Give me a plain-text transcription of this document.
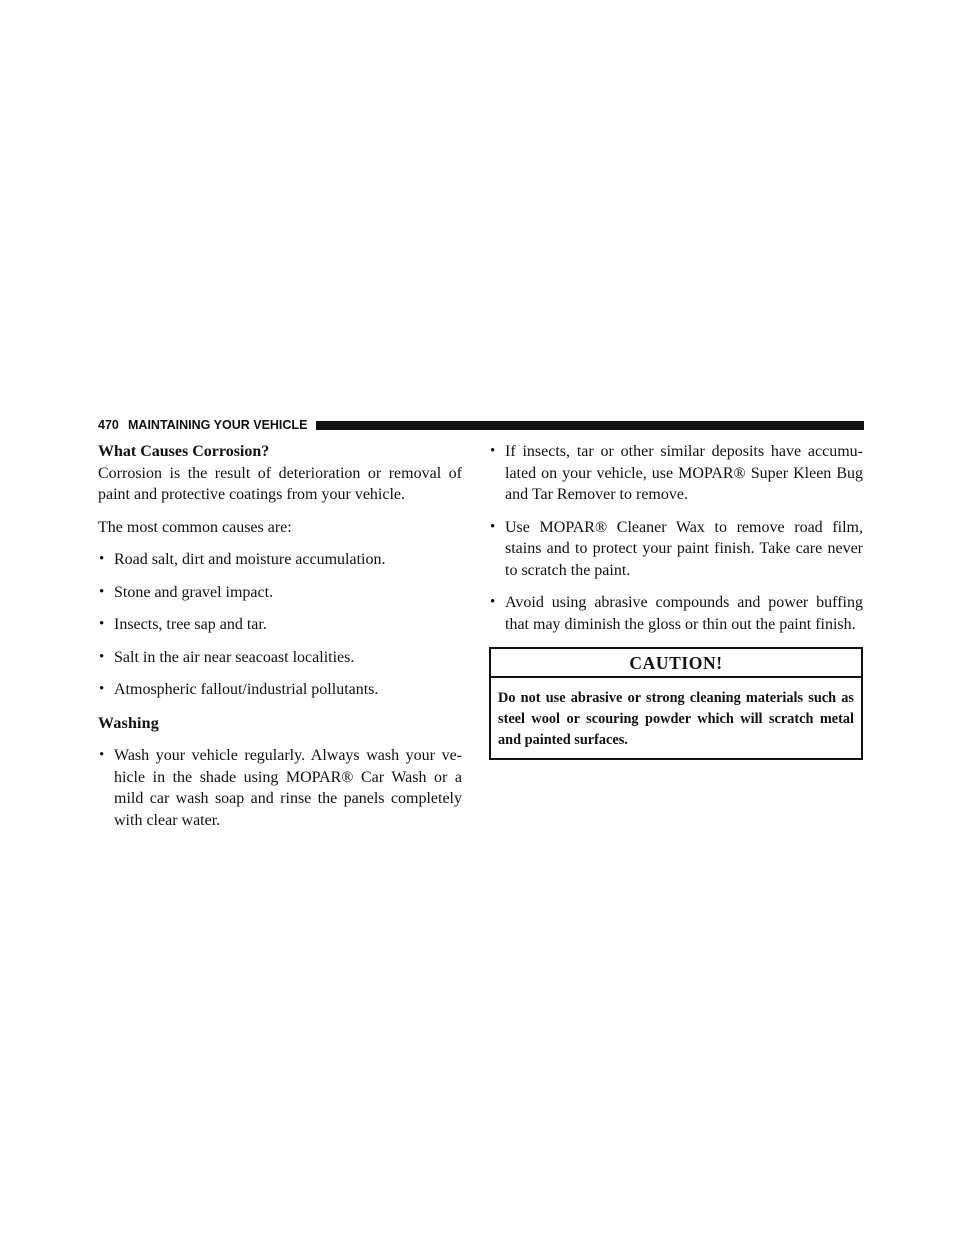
470 MAINTAINING YOUR VEHICLE

What Causes Corrosion?

Corrosion is the result of deterioration or removal of paint and protective coatings from your vehicle.

The most common causes are:

• Road salt, dirt and moisture accumulation.
• Stone and gravel impact.
• Insects, tree sap and tar.
• Salt in the air near seacoast localities.
• Atmospheric fallout/industrial pollutants.

Washing

• Wash your vehicle regularly. Always wash your ve-hicle in the shade using MOPAR® Car Wash or a mild car wash soap and rinse the panels completely with clear water.
• If insects, tar or other similar deposits have accumu-lated on your vehicle, use MOPAR® Super Kleen Bug and Tar Remover to remove.
• Use MOPAR® Cleaner Wax to remove road film, stains and to protect your paint finish. Take care never to scratch the paint.
• Avoid using abrasive compounds and power buffing that may diminish the gloss or thin out the paint finish.
CAUTION!
Do not use abrasive or strong cleaning materials such as steel wool or scouring powder which will scratch metal and painted surfaces.
